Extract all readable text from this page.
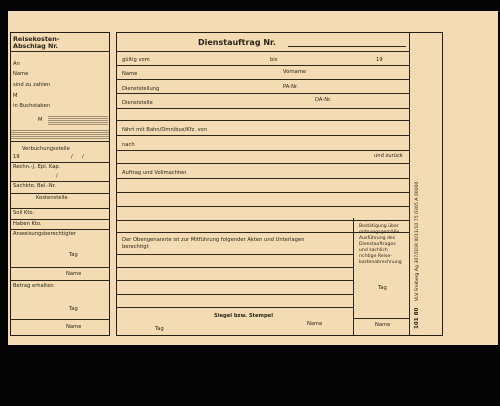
Reisekosten-
Abschlag Nr.
An
Name
sind zu zahlen
M
in Buchstaben
M
Verbuchungsstelle
19	/ /
Rechn.-J. Epl. Kap.
/
Sachkto. Bel.-Nr.
Kostenstelle
Soll Kto.
Haben Kto.
Anweisungsberechtigter
Tag
Name
Betrag erhalten
Tag
Name
Dienstauftrag Nr.
gültig vom	bis	19
Name	Vorname
Dienststellung	PA-Nr.
Dienststelle	DA-Nr.
fährt mit Bahn/Omnibus/Kfz. von
nach
und zurück
Auftrag und Vollmachten
Der Obengenannte ist zur Mitführung folgender Akten und Unterlagen
berechtigt
Siegel bzw. Stempel
Tag
Name
Bestätigung über
ordnungsgemäße
Ausführung des
Dienstauftrages
und sachlich
richtige Reise-
kostenabrechnung
Tag
Name	101 80
VLV Freiberg Ag 307/DDR III/11/10 75 0365 A 00000
